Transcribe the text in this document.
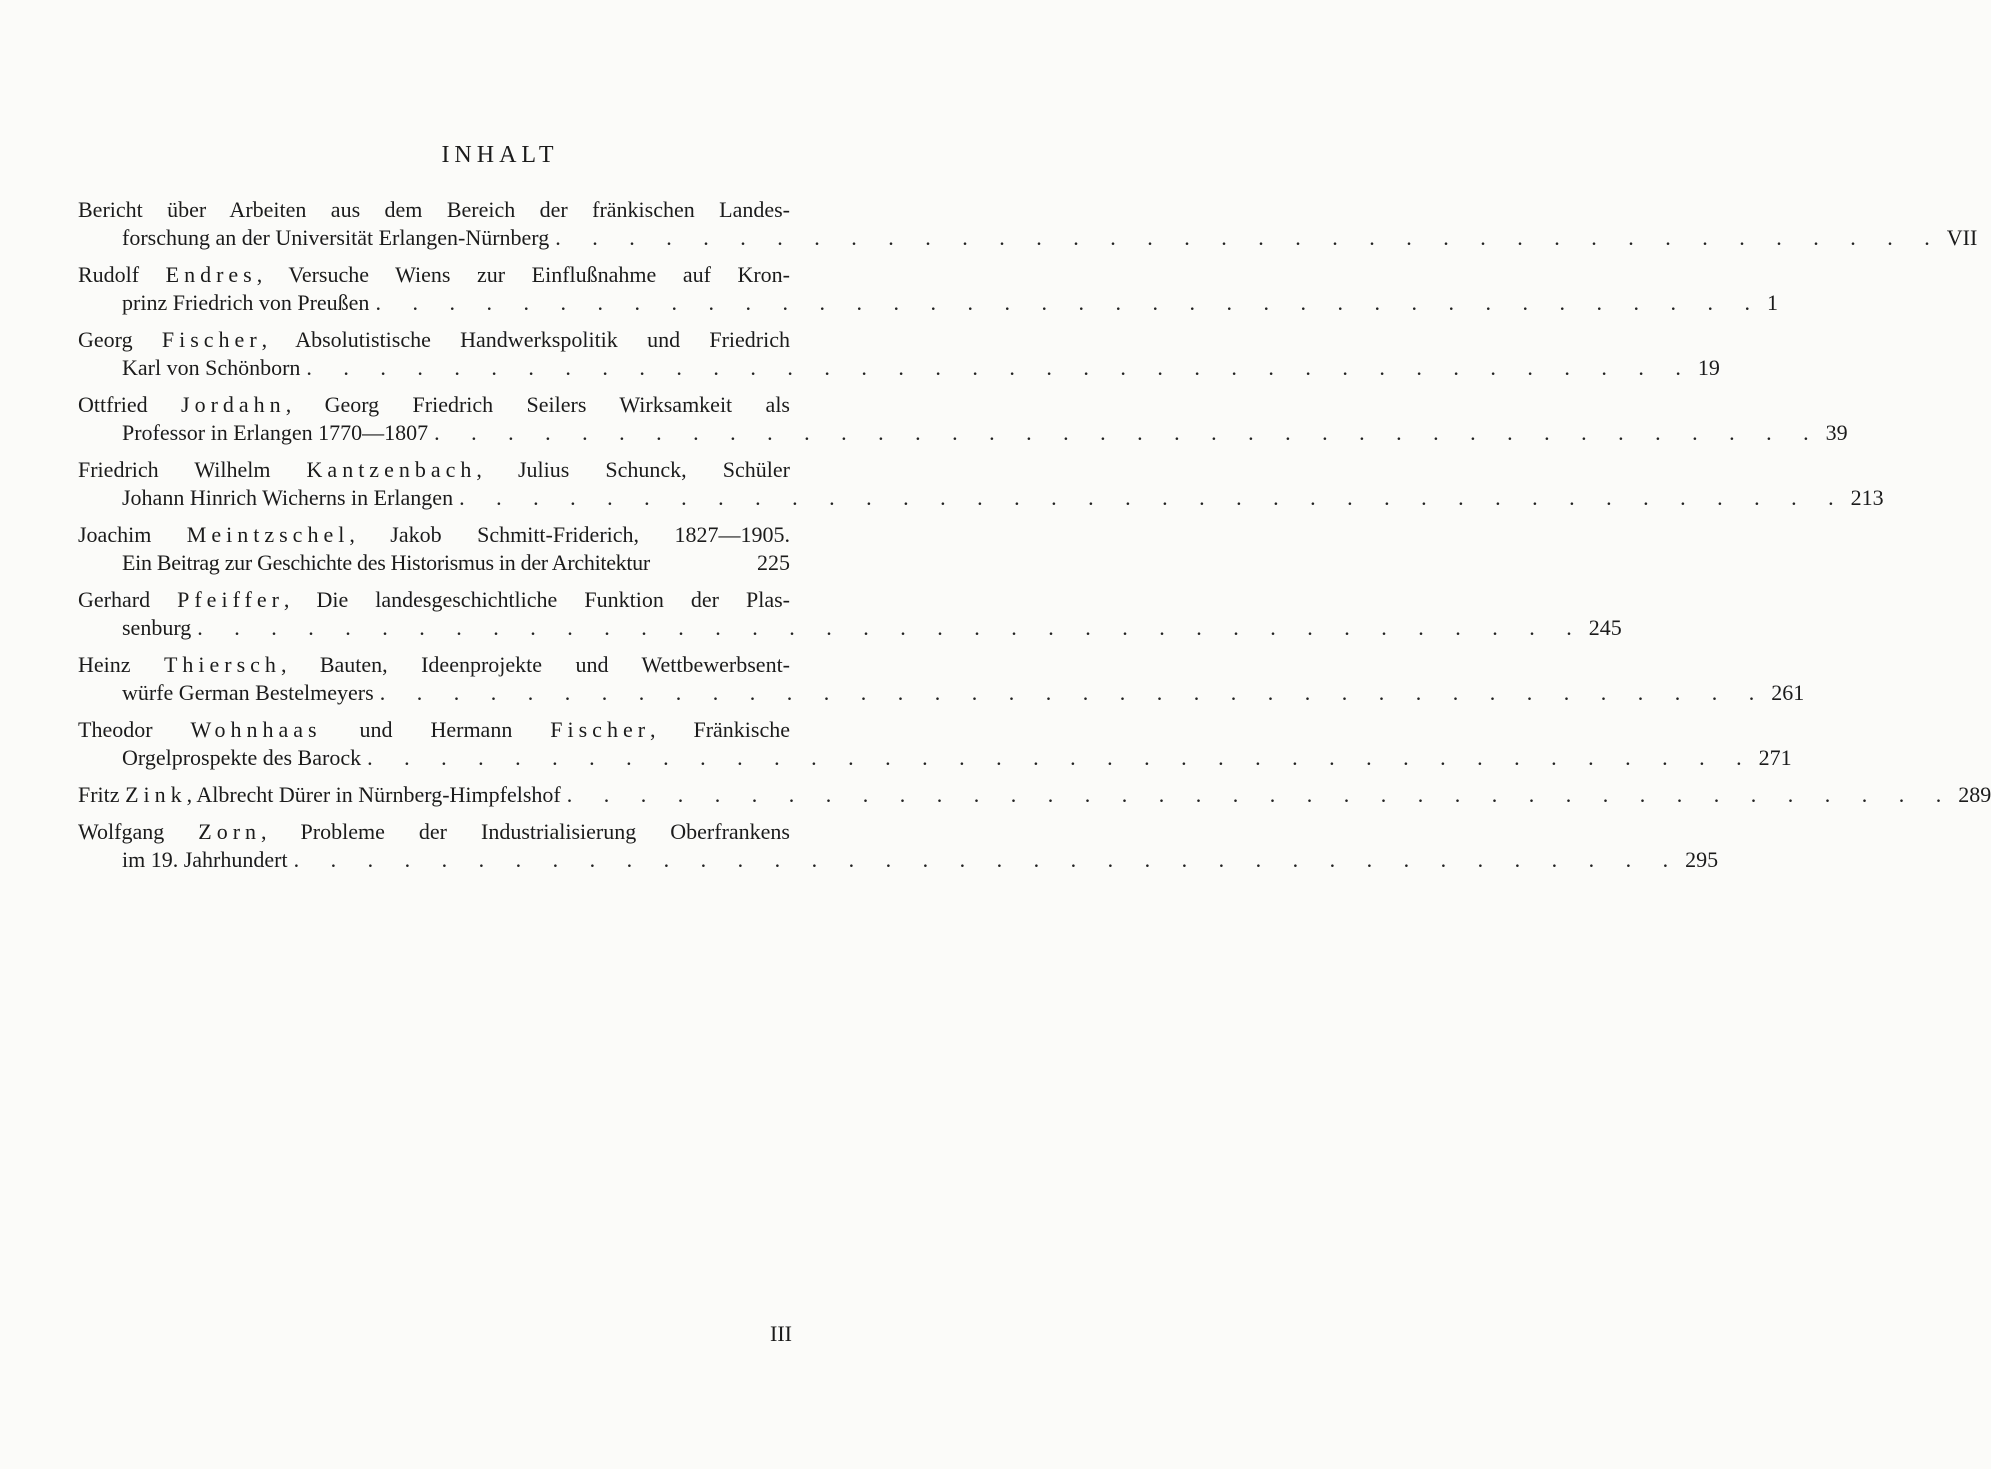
INHALT
Bericht über Arbeiten aus dem Bereich der fränkischen Landes-
forschung an der Universität Erlangen-Nürnberg . . . . . . . . . . . . . . . . . . . . . . . . . . . . . . . . . . . . . . VII
Rudolf Endres, Versuche Wiens zur Einflußnahme auf Kron-
prinz Friedrich von Preußen . . . . . . . . . . . . . . . . . . . . . . . . . . . . . . . . . . . . . . 1
Georg Fischer, Absolutistische Handwerkspolitik und Friedrich
Karl von Schönborn . . . . . . . . . . . . . . . . . . . . . . . . . . . . . . . . . . . . . . 19
Ottfried Jordahn, Georg Friedrich Seilers Wirksamkeit als
Professor in Erlangen 1770—1807 . . . . . . . . . . . . . . . . . . . . . . . . . . . . . . . . . . . . . . 39
Friedrich Wilhelm Kantzenbach, Julius Schunck, Schüler
Johann Hinrich Wicherns in Erlangen . . . . . . . . . . . . . . . . . . . . . . . . . . . . . . . . . . . . . . 213
Joachim Meintzschel, Jakob Schmitt-Friderich, 1827—1905.
Ein Beitrag zur Geschichte des Historismus in der Architektur	225
Gerhard Pfeiffer, Die landesgeschichtliche Funktion der Plas-
senburg . . . . . . . . . . . . . . . . . . . . . . . . . . . . . . . . . . . . . . 245
Heinz Thiersch, Bauten, Ideenprojekte und Wettbewerbsent-
würfe German Bestelmeyers . . . . . . . . . . . . . . . . . . . . . . . . . . . . . . . . . . . . . . 261
Theodor Wohnhaas und Hermann Fischer, Fränkische
Orgelprospekte des Barock . . . . . . . . . . . . . . . . . . . . . . . . . . . . . . . . . . . . . . 271
Fritz Zink, Albrecht Dürer in Nürnberg-Himpfelshof . . . . . . . . . . . . . . . . . . . . . . . . . . . . . . . . . . . . . . 289
Wolfgang Zorn, Probleme der Industrialisierung Oberfrankens
im 19. Jahrhundert . . . . . . . . . . . . . . . . . . . . . . . . . . . . . . . . . . . . . . 295
III
